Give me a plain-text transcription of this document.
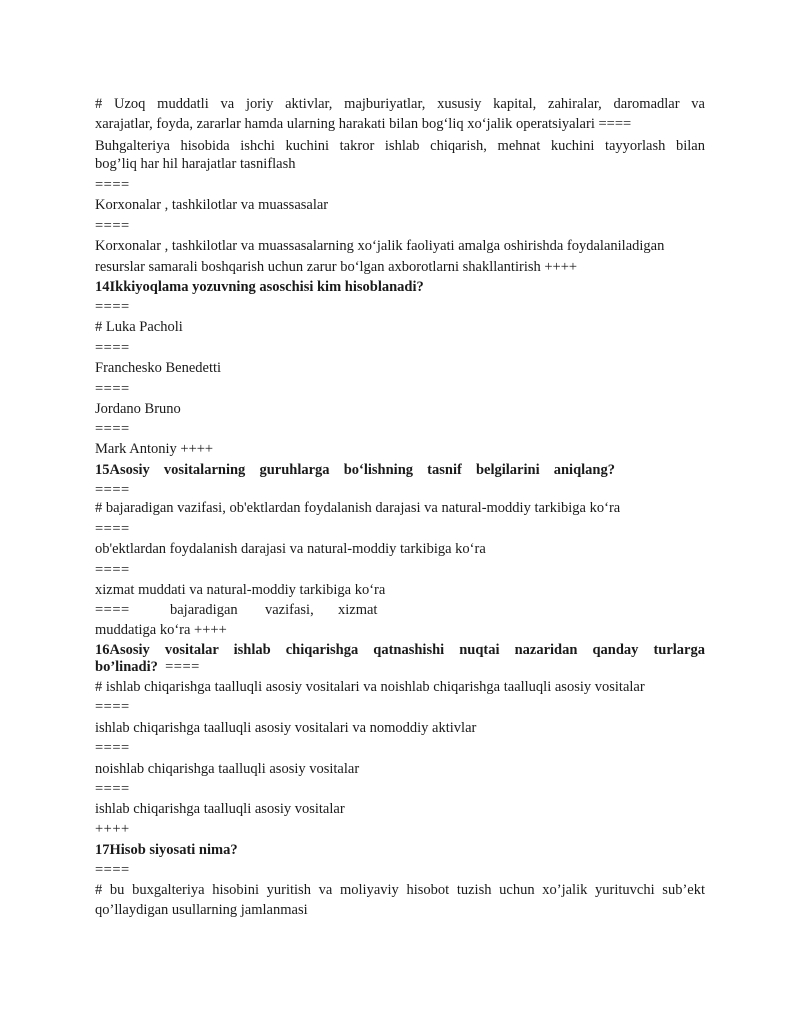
# Uzoq muddatli va joriy aktivlar, majburiyatlar, xususiy kapital, zahiralar, daromadlar va
xarajatlar, foyda, zararlar hamda ularning harakati bilan bog‘liq xo‘jalik operatsiyalari ====
Buhgalteriya hisobida ishchi kuchini takror ishlab chiqarish, mehnat kuchini tayyorlash bilan
bog’liq har hil harajatlar tasniflash
====
Korxonalar , tashkilotlar va muassasalar
====
Korxonalar , tashkilotlar va muassasalarning xo‘jalik faoliyati amalga oshirishda foydalaniladigan
resurslar samarali boshqarish uchun zarur bo‘lgan axborotlarni shakllantirish ++++
14Ikkiyoqlama yozuvning asoschisi kim hisoblanadi?
====
# Luka Pacholi
====
Franchesko Benedetti
====
Jordano Bruno
====
Mark Antoniy ++++
15Asosiy vositalarning guruhlarga bo‘lishning tasnif belgilarini aniqlang?
====
# bajaradigan vazifasi, ob'ektlardan foydalanish darajasi va natural-moddiy tarkibiga ko‘ra
====
ob'ektlardan foydalanish darajasi va natural-moddiy tarkibiga ko‘ra
====
xizmat muddati va natural-moddiy tarkibiga ko‘ra
====	bajaradigan vazifasi, xizmat
muddatiga ko‘ra ++++
16Asosiy vositalar ishlab chiqarishga qatnashishi nuqtai nazaridan qanday turlarga
bo’linadi? ====
# ishlab chiqarishga taalluqli asosiy vositalari va noishlab chiqarishga taalluqli asosiy vositalar
====
ishlab chiqarishga taalluqli asosiy vositalari va nomoddiy aktivlar
====
noishlab chiqarishga taalluqli asosiy vositalar
====
ishlab chiqarishga taalluqli asosiy vositalar
++++
17Hisob siyosati nima?
====
# bu buxgalteriya hisobini yuritish va moliyaviy hisobot tuzish uchun xo’jalik yurituvchi sub’ekt
qo’llaydigan usullarning jamlanmasi
